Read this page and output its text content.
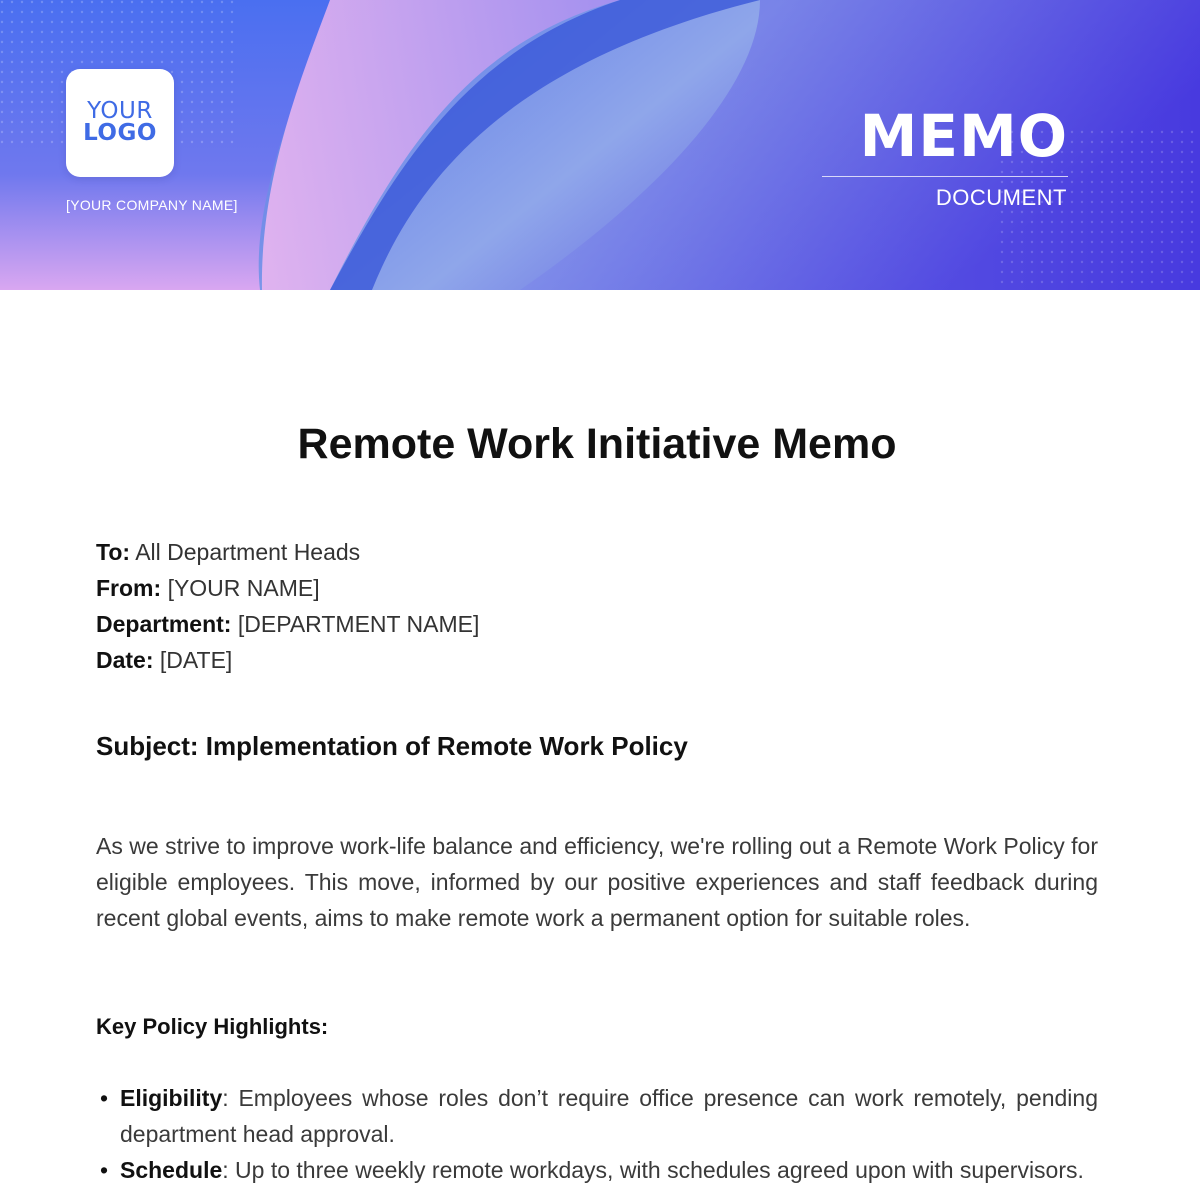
YOUR
LOGO
[YOUR COMPANY NAME]
MEMO
DOCUMENT
Remote Work Initiative Memo
To: All Department Heads
From: [YOUR NAME]
Department: [DEPARTMENT NAME]
Date: [DATE]
Subject: Implementation of Remote Work Policy

As we strive to improve work-life balance and efficiency, we're rolling out a Remote Work Policy for eligible employees. This move, informed by our positive experiences and staff feedback during recent global events, aims to make remote work a permanent option for suitable roles.

Key Policy Highlights:
• Eligibility: Employees whose roles don’t require office presence can work remotely, pending department head approval.
• Schedule: Up to three weekly remote workdays, with schedules agreed upon with supervisors.
